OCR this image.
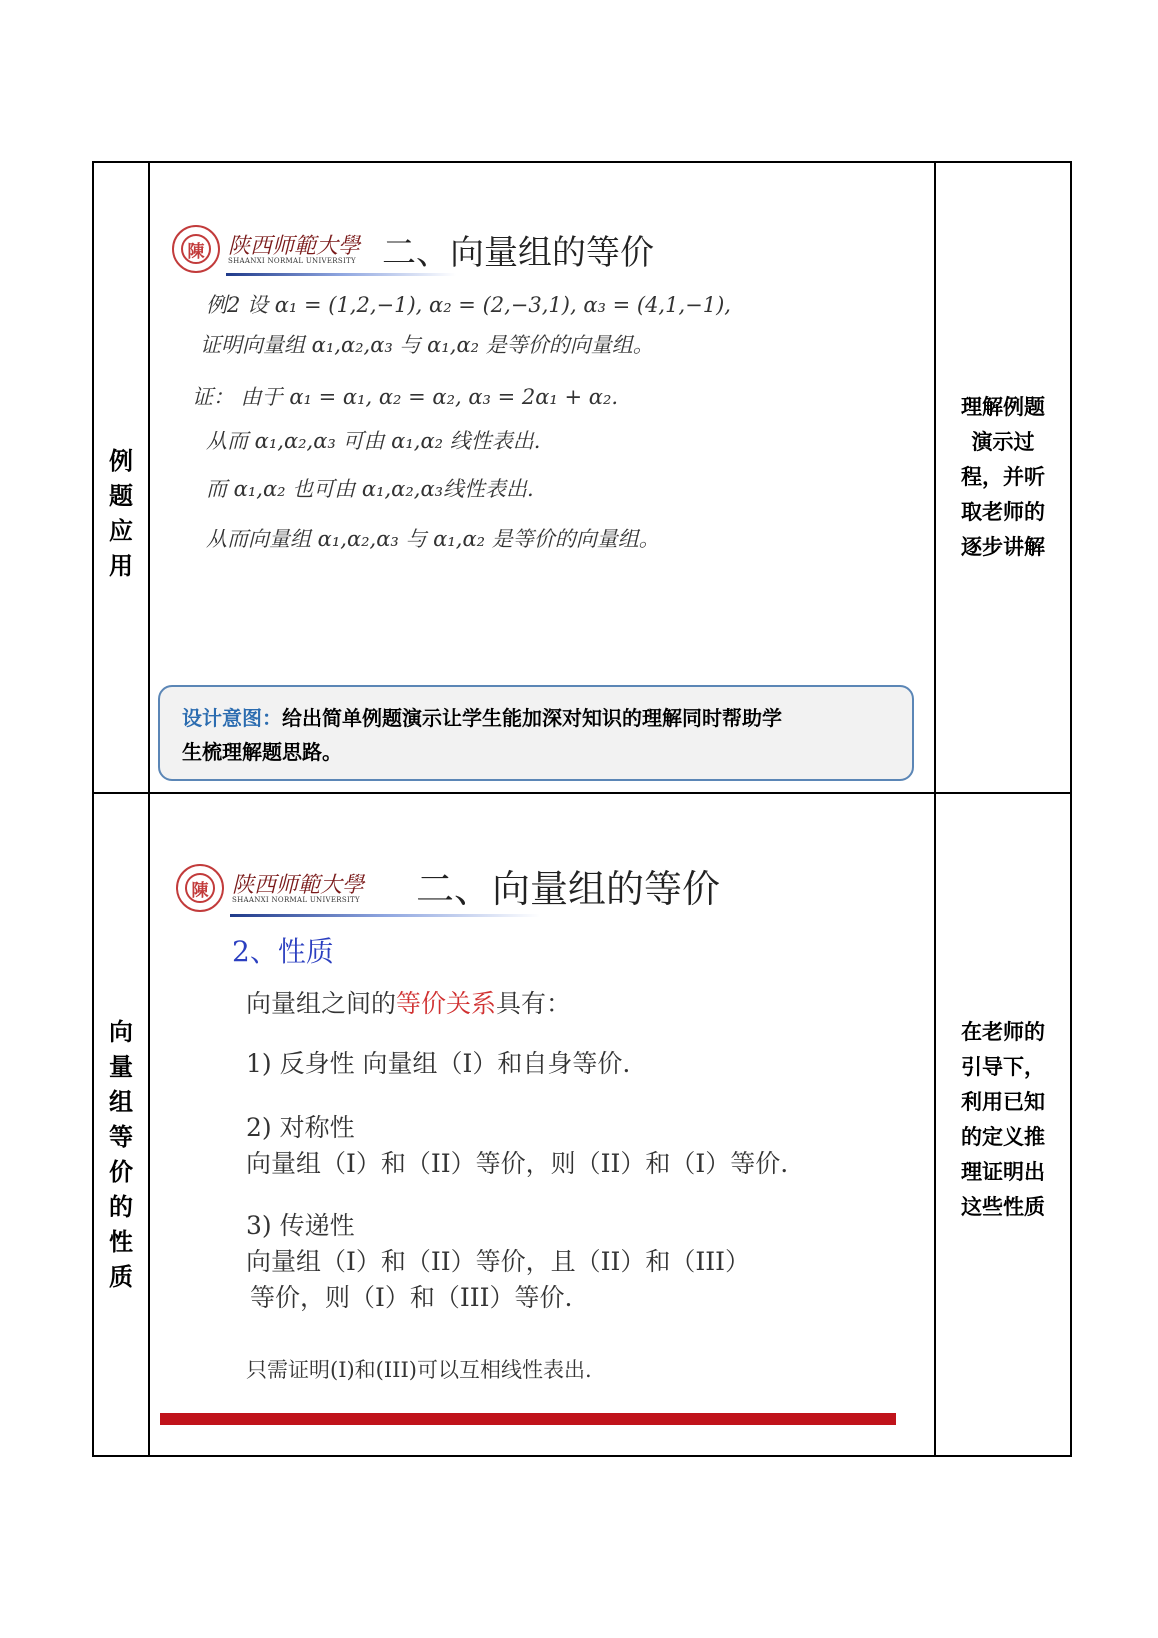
例题应用
理解例题演示过程，并听取老师的逐步讲解
陳 陕西师範大學
SHAANXI NORMAL UNIVERSITY 二、向量组的等价
例2 设 α₁ = (1,2,−1), α₂ = (2,−3,1), α₃ = (4,1,−1),
证明向量组 α₁,α₂,α₃ 与 α₁,α₂ 是等价的向量组。
证： 由于 α₁ = α₁, α₂ = α₂, α₃ = 2α₁ + α₂.
从而 α₁,α₂,α₃ 可由 α₁,α₂ 线性表出.
而 α₁,α₂ 也可由 α₁,α₂,α₃线性表出.
从而向量组 α₁,α₂,α₃ 与 α₁,α₂ 是等价的向量组。
设计意图：给出简单例题演示让学生能加深对知识的理解同时帮助学
生梳理解题思路。
向量组等价的性质
在老师的引导下，利用已知的定义推理证明出这些性质
陳 陕西师範大學
SHAANXI NORMAL UNIVERSITY 二、向量组的等价
2、性质
向量组之间的等价关系具有：
1) 反身性 向量组（I）和自身等价.
2) 对称性
向量组（I）和（II）等价，则（II）和（I）等价.
3) 传递性
向量组（I）和（II）等价，且（II）和（III）
等价，则（I）和（III）等价.
只需证明(I)和(III)可以互相线性表出.
